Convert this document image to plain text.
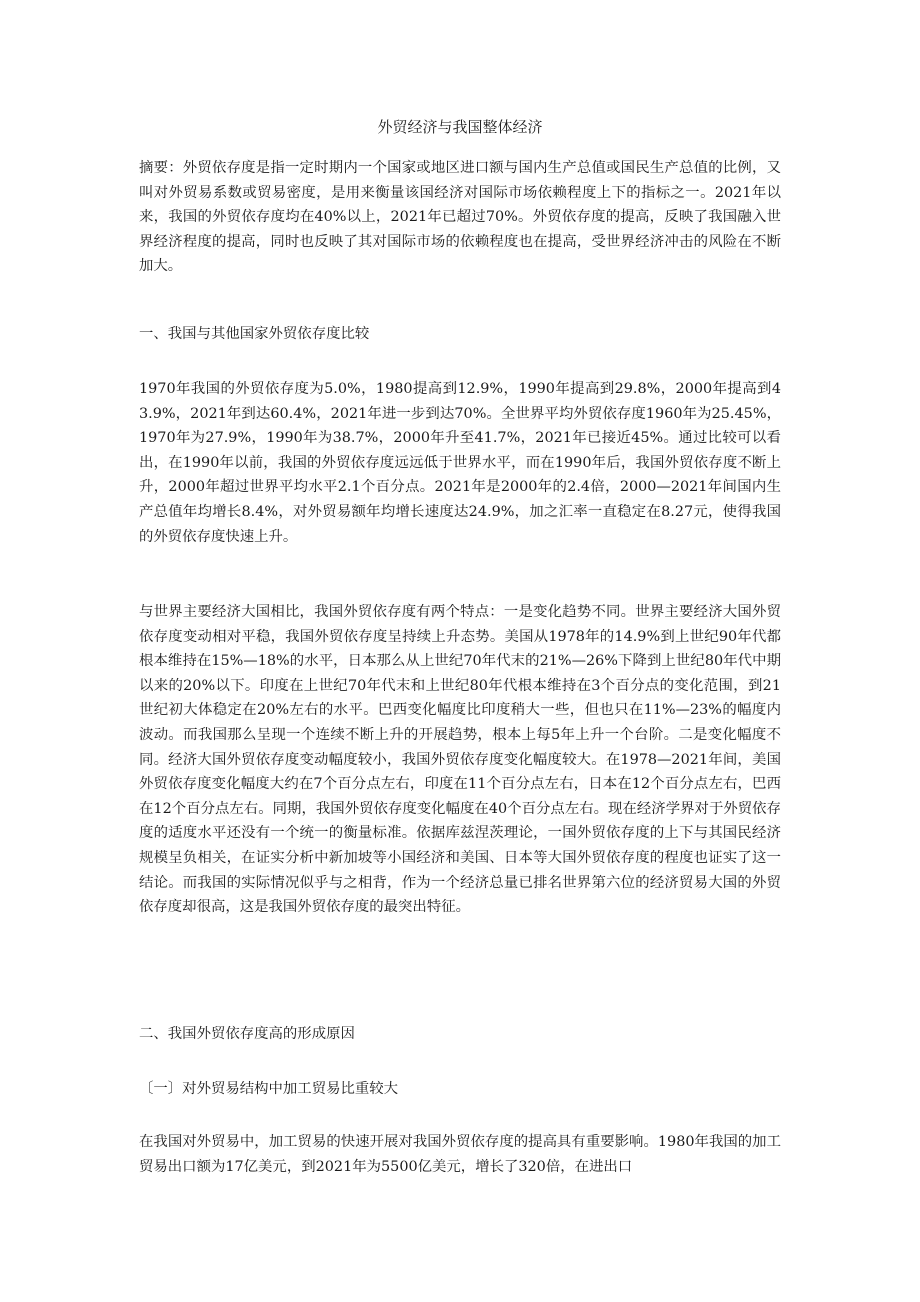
外贸经济与我国整体经济

摘要：外贸依存度是指一定时期内一个国家或地区进口额与国内生产总值或国民生产总值的比例，又叫对外贸易系数或贸易密度，是用来衡量该国经济对国际市场依赖程度上下的指标之一。2021年以来，我国的外贸依存度均在40%以上，2021年已超过70%。外贸依存度的提高，反映了我国融入世界经济程度的提高，同时也反映了其对国际市场的依赖程度也在提高，受世界经济冲击的风险在不断加大。

一、我国与其他国家外贸依存度比较

1970年我国的外贸依存度为5.0%，1980提高到12.9%，1990年提高到29.8%，2000年提高到43.9%，2021年到达60.4%，2021年进一步到达70%。全世界平均外贸依存度1960年为25.45%，1970年为27.9%，1990年为38.7%，2000年升至41.7%，2021年已接近45%。通过比较可以看出，在1990年以前，我国的外贸依存度远远低于世界水平，而在1990年后，我国外贸依存度不断上升，2000年超过世界平均水平2.1个百分点。2021年是2000年的2.4倍，2000—2021年间国内生产总值年均增长8.4%，对外贸易额年均增长速度达24.9%，加之汇率一直稳定在8.27元，使得我国的外贸依存度快速上升。

与世界主要经济大国相比，我国外贸依存度有两个特点：一是变化趋势不同。世界主要经济大国外贸依存度变动相对平稳，我国外贸依存度呈持续上升态势。美国从1978年的14.9%到上世纪90年代都根本维持在15%—18%的水平，日本那么从上世纪70年代末的21%—26%下降到上世纪80年代中期以来的20%以下。印度在上世纪70年代末和上世纪80年代根本维持在3个百分点的变化范围，到21世纪初大体稳定在20%左右的水平。巴西变化幅度比印度稍大一些，但也只在11%—23%的幅度内波动。而我国那么呈现一个连续不断上升的开展趋势，根本上每5年上升一个台阶。二是变化幅度不同。经济大国外贸依存度变动幅度较小，我国外贸依存度变化幅度较大。在1978—2021年间，美国外贸依存度变化幅度大约在7个百分点左右，印度在11个百分点左右，日本在12个百分点左右，巴西在12个百分点左右。同期，我国外贸依存度变化幅度在40个百分点左右。现在经济学界对于外贸依存度的适度水平还没有一个统一的衡量标准。依据库兹涅茨理论，一国外贸依存度的上下与其国民经济规模呈负相关，在证实分析中新加坡等小国经济和美国、日本等大国外贸依存度的程度也证实了这一结论。而我国的实际情况似乎与之相背，作为一个经济总量已排名世界第六位的经济贸易大国的外贸依存度却很高，这是我国外贸依存度的最突出特征。

二、我国外贸依存度高的形成原因
〔一〕对外贸易结构中加工贸易比重较大

在我国对外贸易中，加工贸易的快速开展对我国外贸依存度的提高具有重要影响。1980年我国的加工贸易出口额为17亿美元，到2021年为5500亿美元，增长了320倍，在进出口
